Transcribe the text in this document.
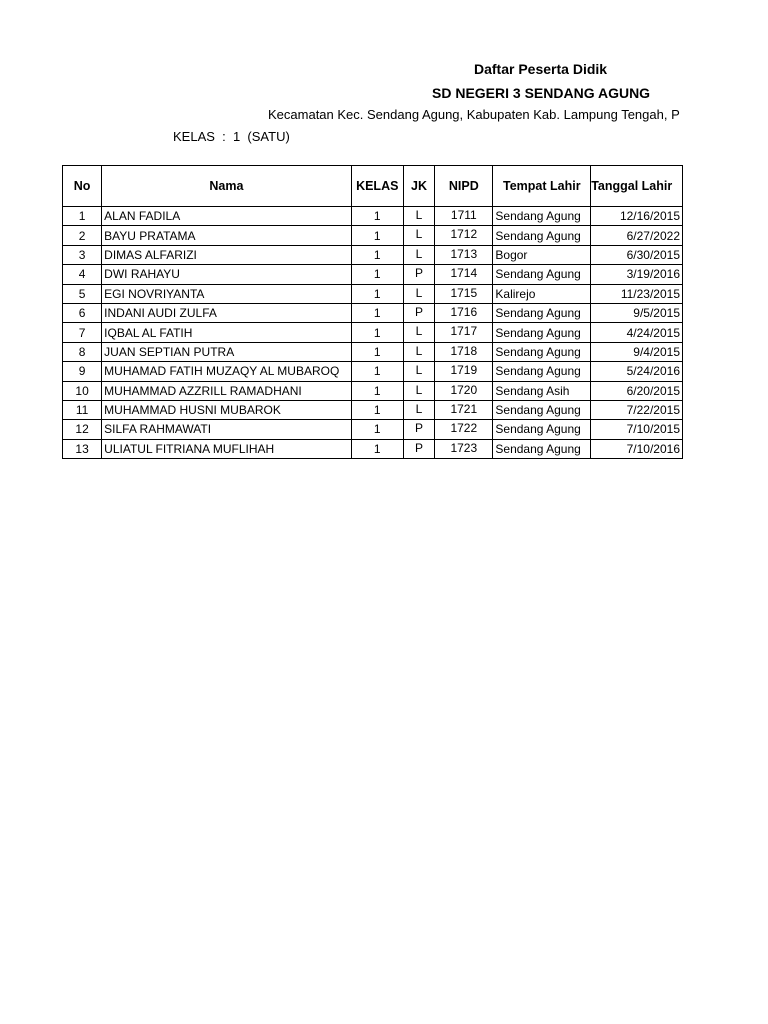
Daftar Peserta Didik
SD NEGERI 3 SENDANG AGUNG
Kecamatan Kec. Sendang Agung, Kabupaten Kab. Lampung Tengah, P
KELAS  :  1  (SATU)
No	Nama	KELAS	JK	NIPD	Tempat Lahir	Tanggal Lahir
1	ALAN FADILA	1	L	1711	Sendang Agung	12/16/2015
2	BAYU PRATAMA	1	L	1712	Sendang Agung	6/27/2022
3	DIMAS ALFARIZI	1	L	1713	Bogor	6/30/2015
4	DWI RAHAYU	1	P	1714	Sendang Agung	3/19/2016
5	EGI NOVRIYANTA	1	L	1715	Kalirejo	11/23/2015
6	INDANI AUDI ZULFA	1	P	1716	Sendang Agung	9/5/2015
7	IQBAL AL FATIH	1	L	1717	Sendang Agung	4/24/2015
8	JUAN SEPTIAN PUTRA	1	L	1718	Sendang Agung	9/4/2015
9	MUHAMAD FATIH MUZAQY AL MUBAROQ	1	L	1719	Sendang Agung	5/24/2016
10	MUHAMMAD AZZRILL RAMADHANI	1	L	1720	Sendang Asih	6/20/2015
11	MUHAMMAD HUSNI MUBAROK	1	L	1721	Sendang Agung	7/22/2015
12	SILFA RAHMAWATI	1	P	1722	Sendang Agung	7/10/2015
13	ULIATUL FITRIANA MUFLIHAH	1	P	1723	Sendang Agung	7/10/2016
